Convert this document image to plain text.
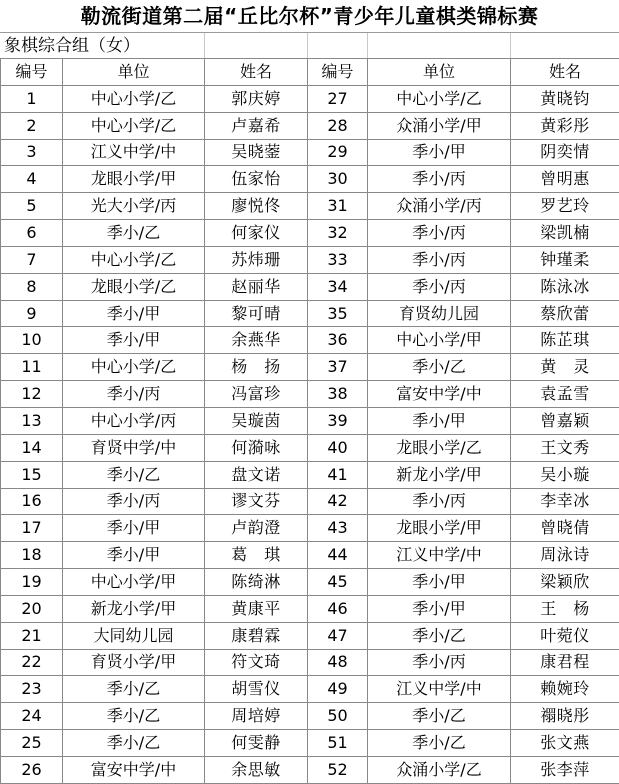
勒流街道第二届“丘比尔杯”青少年儿童棋类锦标赛
象棋综合组（女）
编号	单位	姓名	编号	单位	姓名
1	中心小学/乙	郭庆婷	27	中心小学/乙	黄晓钧
2	中心小学/乙	卢嘉希	28	众涌小学/甲	黄彩彤
3	江义中学/中	吴晓蓥	29	季小/甲	阴奕情
4	龙眼小学/甲	伍家怡	30	季小/丙	曾明惠
5	光大小学/丙	廖悦佟	31	众涌小学/丙	罗艺玲
6	季小/乙	何家仪	32	季小/丙	梁凯楠
7	中心小学/乙	苏炜珊	33	季小/丙	钟瑾柔
8	龙眼小学/乙	赵丽华	34	季小/丙	陈泳冰
9	季小/甲	黎可晴	35	育贤幼儿园	蔡欣蕾
10	季小/甲	余燕华	36	中心小学/甲	陈芷琪
11	中心小学/乙	杨　扬	37	季小/乙	黄　灵
12	季小/丙	冯富珍	38	富安中学/中	袁孟雪
13	中心小学/丙	吴璇茵	39	季小/甲	曾嘉颖
14	育贤中学/中	何漪咏	40	龙眼小学/乙	王文秀
15	季小/乙	盘文诺	41	新龙小学/甲	吴小璇
16	季小/丙	谬文芬	42	季小/丙	李幸冰
17	季小/甲	卢韵澄	43	龙眼小学/甲	曾晓倩
18	季小/甲	葛　琪	44	江义中学/中	周泳诗
19	中心小学/甲	陈绮淋	45	季小/甲	梁颖欣
20	新龙小学/甲	黄康平	46	季小/甲	王　杨
21	大同幼儿园	康碧霖	47	季小/乙	叶菀仪
22	育贤小学/甲	符文琦	48	季小/丙	康君程
23	季小/乙	胡雪仪	49	江义中学/中	赖婉玲
24	季小/乙	周培婷	50	季小/乙	禤晓彤
25	季小/乙	何雯静	51	季小/乙	张文燕
26	富安中学/中	余思敏	52	众涌小学/乙	张李萍
